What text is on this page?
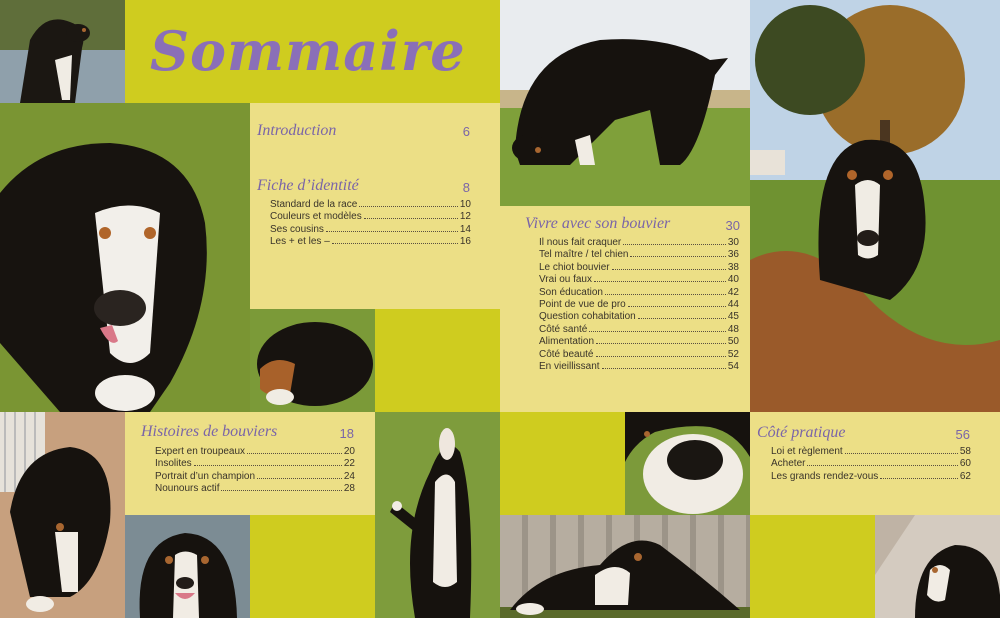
Sommaire
Introduction	6
Fiche d’identité	8
Standard de la race	10
Couleurs et modèles	12
Ses cousins	14
Les + et les –	16
Vivre avec son bouvier	30
Il nous fait craquer	30
Tel maître / tel chien	36
Le chiot bouvier	38
Vrai ou faux	40
Son éducation	42
Point de vue de pro	44
Question cohabitation	45
Côté santé	48
Alimentation	50
Côté beauté	52
En vieillissant	54
Histoires de bouviers	18
Expert en troupeaux	20
Insolites	22
Portrait d’un champion	24
Nounours actif	28
Côté pratique	56
Loi et règlement	58
Acheter	60
Les grands rendez-vous	62
